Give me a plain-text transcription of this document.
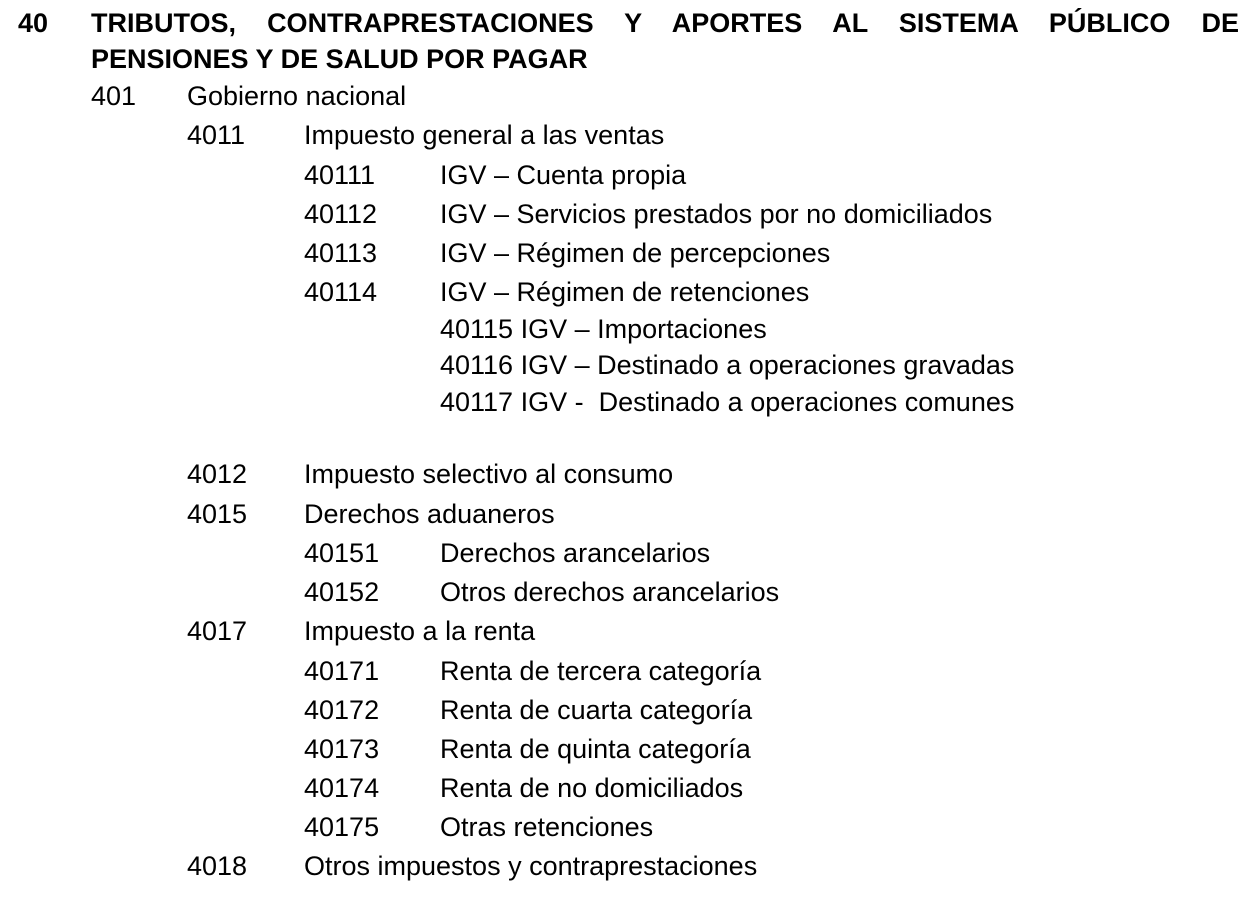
40 TRIBUTOS, CONTRAPRESTACIONES Y APORTES AL SISTEMA PÚBLICO DE PENSIONES Y DE SALUD POR PAGAR
401 Gobierno nacional
4011 Impuesto general a las ventas
40111 IGV – Cuenta propia
40112 IGV – Servicios prestados por no domiciliados
40113 IGV – Régimen de percepciones
40114 IGV – Régimen de retenciones
40115 IGV – Importaciones
40116 IGV – Destinado a operaciones gravadas
40117 IGV -  Destinado a operaciones comunes
4012 Impuesto selectivo al consumo
4015 Derechos aduaneros
40151 Derechos arancelarios
40152 Otros derechos arancelarios
4017 Impuesto a la renta
40171 Renta de tercera categoría
40172 Renta de cuarta categoría
40173 Renta de quinta categoría
40174 Renta de no domiciliados
40175 Otras retenciones
4018 Otros impuestos y contraprestaciones
